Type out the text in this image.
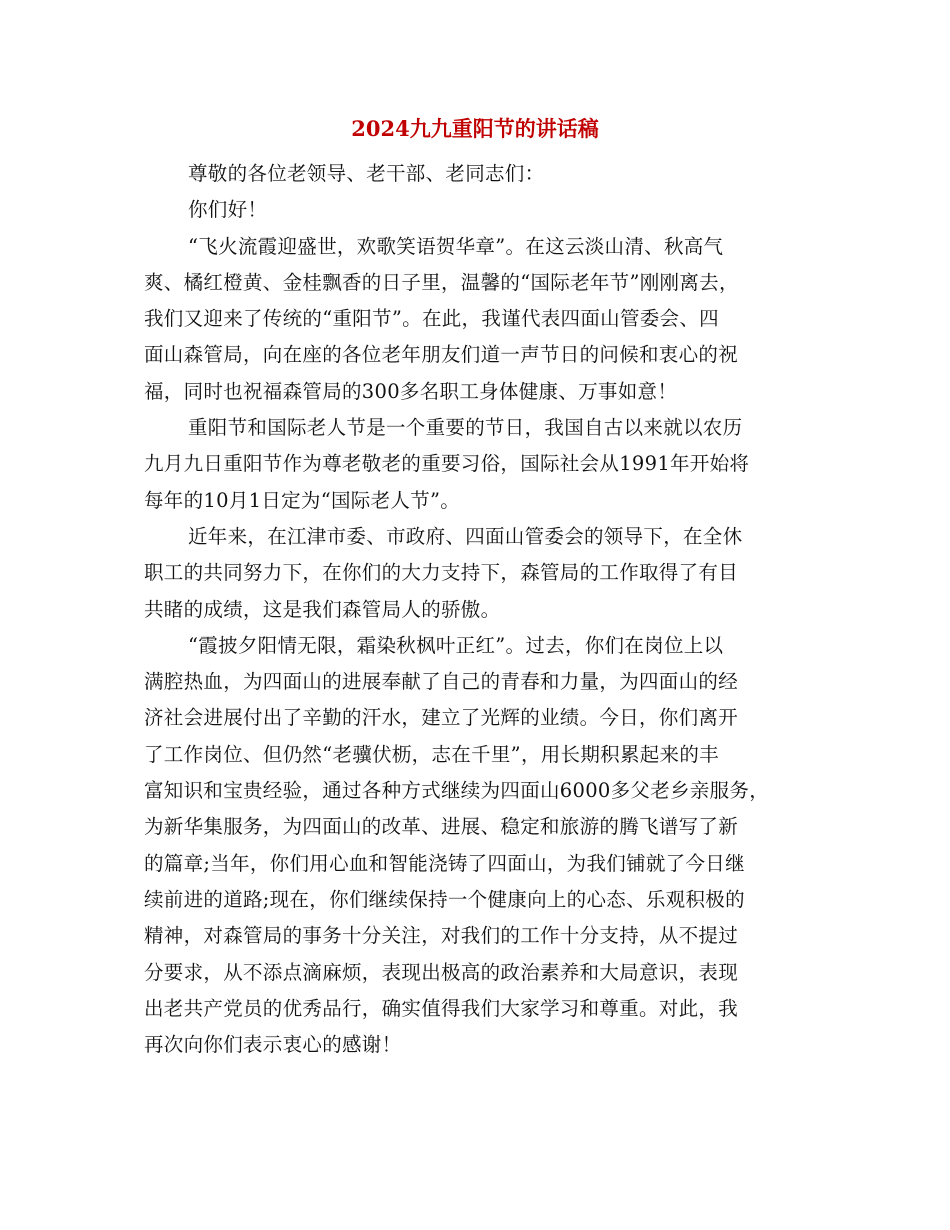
2024九九重阳节的讲话稿
尊敬的各位老领导、老干部、老同志们：
你们好！
“飞火流霞迎盛世，欢歌笑语贺华章”。在这云淡山清、秋高气
爽、橘红橙黄、金桂飘香的日子里，温馨的“国际老年节”刚刚离去，
我们又迎来了传统的“重阳节”。在此，我谨代表四面山管委会、四
面山森管局，向在座的各位老年朋友们道一声节日的问候和衷心的祝
福，同时也祝福森管局的300多名职工身体健康、万事如意！
重阳节和国际老人节是一个重要的节日，我国自古以来就以农历
九月九日重阳节作为尊老敬老的重要习俗，国际社会从1991年开始将
每年的10月1日定为“国际老人节”。
近年来，在江津市委、市政府、四面山管委会的领导下，在全休
职工的共同努力下，在你们的大力支持下，森管局的工作取得了有目
共睹的成绩，这是我们森管局人的骄傲。
“霞披夕阳情无限，霜染秋枫叶正红”。过去，你们在岗位上以
满腔热血，为四面山的进展奉献了自己的青春和力量，为四面山的经
济社会进展付出了辛勤的汗水，建立了光辉的业绩。今日，你们离开
了工作岗位、但仍然“老骥伏枥，志在千里”，用长期积累起来的丰
富知识和宝贵经验，通过各种方式继续为四面山6000多父老乡亲服务，
为新华集服务，为四面山的改革、进展、稳定和旅游的腾飞谱写了新
的篇章;当年，你们用心血和智能浇铸了四面山，为我们铺就了今日继
续前进的道路;现在，你们继续保持一个健康向上的心态、乐观积极的
精神，对森管局的事务十分关注，对我们的工作十分支持，从不提过
分要求，从不添点滴麻烦，表现出极高的政治素养和大局意识，表现
出老共产党员的优秀品行，确实值得我们大家学习和尊重。对此，我
再次向你们表示衷心的感谢！
